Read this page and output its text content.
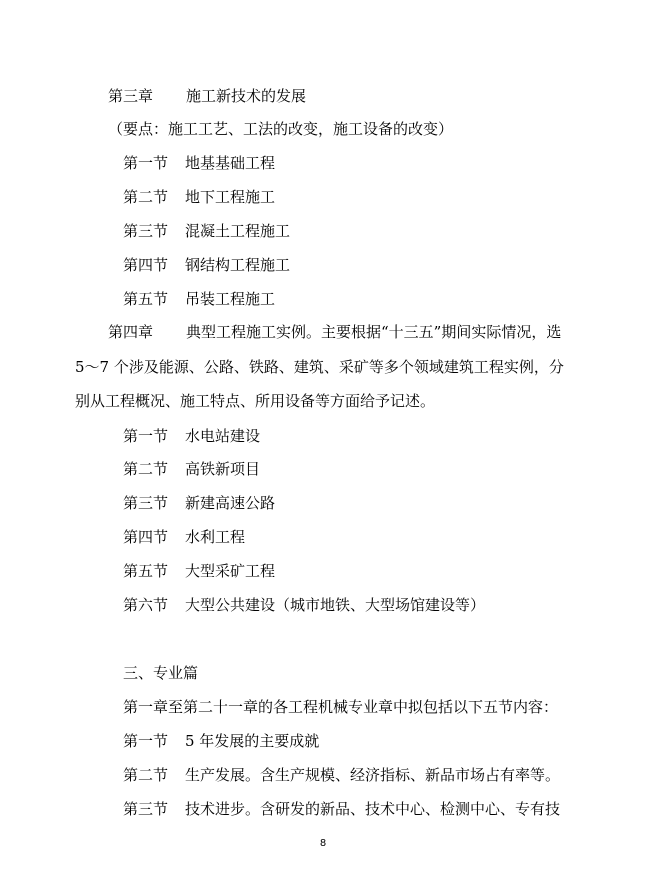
第三章 施工新技术的发展
（要点：施工工艺、工法的改变，施工设备的改变）
第一节 地基基础工程
第二节 地下工程施工
第三节 混凝土工程施工
第四节 钢结构工程施工
第五节 吊装工程施工
第四章 典型工程施工实例。主要根据“十三五”期间实际情况，选
5～7 个涉及能源、公路、铁路、建筑、采矿等多个领域建筑工程实例，分
别从工程概况、施工特点、所用设备等方面给予记述。
第一节 水电站建设
第二节 高铁新项目
第三节 新建高速公路
第四节 水利工程
第五节 大型采矿工程
第六节 大型公共建设（城市地铁、大型场馆建设等）
三、专业篇
第一章至第二十一章的各工程机械专业章中拟包括以下五节内容：
第一节 5 年发展的主要成就
第二节 生产发展。含生产规模、经济指标、新品市场占有率等。
第三节 技术进步。含研发的新品、技术中心、检测中心、专有技
8
